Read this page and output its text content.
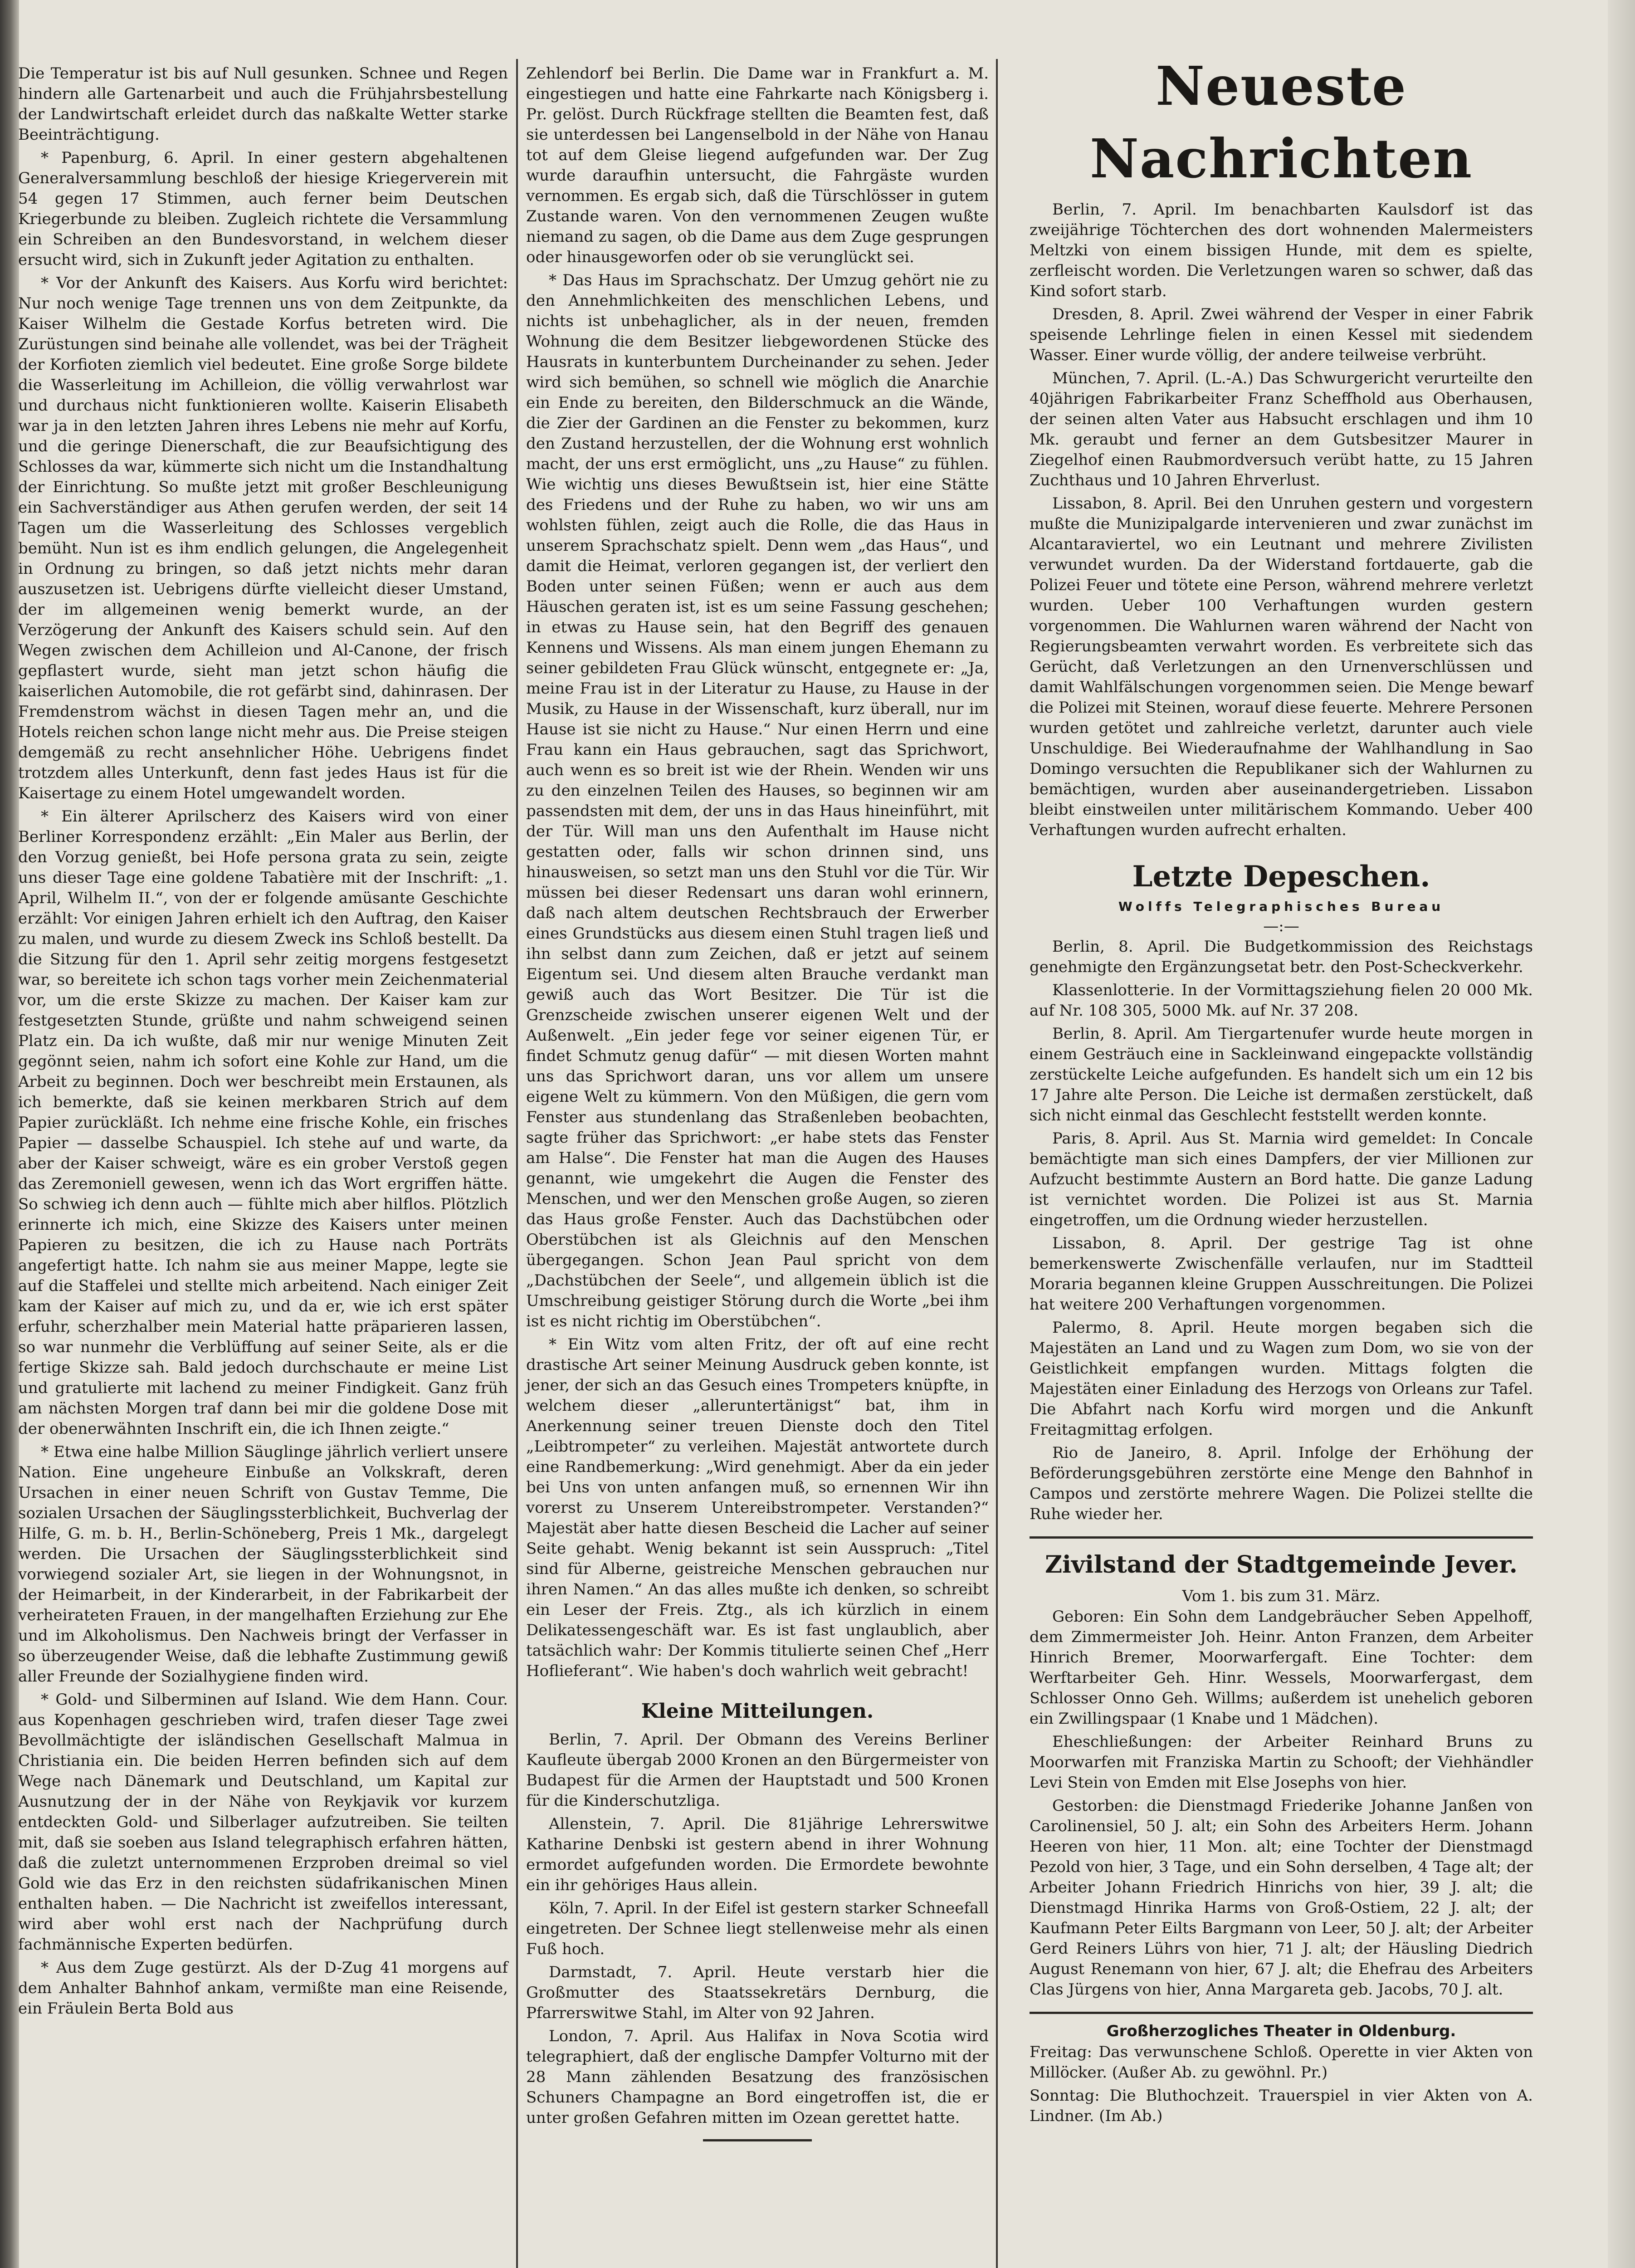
Die Temperatur ist bis auf Null gesunken. Schnee und Regen hindern alle Gartenarbeit und auch die Frühjahrsbestellung der Landwirtschaft erleidet durch das naßkalte Wetter starke Beeinträchtigung.

* Papenburg, 6. April. In einer gestern abgehaltenen Generalversammlung beschloß der hiesige Kriegerverein mit 54 gegen 17 Stimmen, auch ferner beim Deutschen Kriegerbunde zu bleiben. Zugleich richtete die Versammlung ein Schreiben an den Bundesvorstand, in welchem dieser ersucht wird, sich in Zukunft jeder Agitation zu enthalten.

* Vor der Ankunft des Kaisers. Aus Korfu wird berichtet: Nur noch wenige Tage trennen uns von dem Zeitpunkte, da Kaiser Wilhelm die Gestade Korfus betreten wird. Die Zurüstungen sind beinahe alle vollendet, was bei der Trägheit der Korfioten ziemlich viel bedeutet. Eine große Sorge bildete die Wasserleitung im Achilleion, die völlig verwahrlost war und durchaus nicht funktionieren wollte. Kaiserin Elisabeth war ja in den letzten Jahren ihres Lebens nie mehr auf Korfu, und die geringe Dienerschaft, die zur Beaufsichtigung des Schlosses da war, kümmerte sich nicht um die Instandhaltung der Einrichtung. So mußte jetzt mit großer Beschleunigung ein Sachverständiger aus Athen gerufen werden, der seit 14 Tagen um die Wasserleitung des Schlosses vergeblich bemüht. Nun ist es ihm endlich gelungen, die Angelegenheit in Ordnung zu bringen, so daß jetzt nichts mehr daran auszusetzen ist. Uebrigens dürfte vielleicht dieser Umstand, der im allgemeinen wenig bemerkt wurde, an der Verzögerung der Ankunft des Kaisers schuld sein. Auf den Wegen zwischen dem Achilleion und Al-Canone, der frisch gepflastert wurde, sieht man jetzt schon häufig die kaiserlichen Automobile, die rot gefärbt sind, dahinrasen. Der Fremdenstrom wächst in diesen Tagen mehr an, und die Hotels reichen schon lange nicht mehr aus. Die Preise steigen demgemäß zu recht ansehnlicher Höhe. Uebrigens findet trotzdem alles Unterkunft, denn fast jedes Haus ist für die Kaisertage zu einem Hotel umgewandelt worden.

* Ein älterer Aprilscherz des Kaisers wird von einer Berliner Korrespondenz erzählt: „Ein Maler aus Berlin, der den Vorzug genießt, bei Hofe persona grata zu sein, zeigte uns dieser Tage eine goldene Tabatière mit der Inschrift: „1. April, Wilhelm II.“, von der er folgende amüsante Geschichte erzählt: Vor einigen Jahren erhielt ich den Auftrag, den Kaiser zu malen, und wurde zu diesem Zweck ins Schloß bestellt. Da die Sitzung für den 1. April sehr zeitig morgens festgesetzt war, so bereitete ich schon tags vorher mein Zeichenmaterial vor, um die erste Skizze zu machen. Der Kaiser kam zur festgesetzten Stunde, grüßte und nahm schweigend seinen Platz ein. Da ich wußte, daß mir nur wenige Minuten Zeit gegönnt seien, nahm ich sofort eine Kohle zur Hand, um die Arbeit zu beginnen. Doch wer beschreibt mein Erstaunen, als ich bemerkte, daß sie keinen merkbaren Strich auf dem Papier zurückläßt. Ich nehme eine frische Kohle, ein frisches Papier — dasselbe Schauspiel. Ich stehe auf und warte, da aber der Kaiser schweigt, wäre es ein grober Verstoß gegen das Zeremoniell gewesen, wenn ich das Wort ergriffen hätte. So schwieg ich denn auch — fühlte mich aber hilflos. Plötzlich erinnerte ich mich, eine Skizze des Kaisers unter meinen Papieren zu besitzen, die ich zu Hause nach Porträts angefertigt hatte. Ich nahm sie aus meiner Mappe, legte sie auf die Staffelei und stellte mich arbeitend. Nach einiger Zeit kam der Kaiser auf mich zu, und da er, wie ich erst später erfuhr, scherzhalber mein Material hatte präparieren lassen, so war nunmehr die Verblüffung auf seiner Seite, als er die fertige Skizze sah. Bald jedoch durchschaute er meine List und gratulierte mit lachend zu meiner Findigkeit. Ganz früh am nächsten Morgen traf dann bei mir die goldene Dose mit der obenerwähnten Inschrift ein, die ich Ihnen zeigte.“

* Etwa eine halbe Million Säuglinge jährlich verliert unsere Nation. Eine ungeheure Einbuße an Volkskraft, deren Ursachen in einer neuen Schrift von Gustav Temme, Die sozialen Ursachen der Säuglingssterblichkeit, Buchverlag der Hilfe, G. m. b. H., Berlin-Schöneberg, Preis 1 Mk., dargelegt werden. Die Ursachen der Säuglingssterblichkeit sind vorwiegend sozialer Art, sie liegen in der Wohnungsnot, in der Heimarbeit, in der Kinderarbeit, in der Fabrikarbeit der verheirateten Frauen, in der mangelhaften Erziehung zur Ehe und im Alkoholismus. Den Nachweis bringt der Verfasser in so überzeugender Weise, daß die lebhafte Zustimmung gewiß aller Freunde der Sozialhygiene finden wird.

* Gold- und Silberminen auf Island. Wie dem Hann. Cour. aus Kopenhagen geschrieben wird, trafen dieser Tage zwei Bevollmächtigte der isländischen Gesellschaft Malmua in Christiania ein. Die beiden Herren befinden sich auf dem Wege nach Dänemark und Deutschland, um Kapital zur Ausnutzung der in der Nähe von Reykjavik vor kurzem entdeckten Gold- und Silberlager aufzutreiben. Sie teilten mit, daß sie soeben aus Island telegraphisch erfahren hätten, daß die zuletzt unternommenen Erzproben dreimal so viel Gold wie das Erz in den reichsten südafrikanischen Minen enthalten haben. — Die Nachricht ist zweifellos interessant, wird aber wohl erst nach der Nachprüfung durch fachmännische Experten bedürfen.

* Aus dem Zuge gestürzt. Als der D-Zug 41 morgens auf dem Anhalter Bahnhof ankam, vermißte man eine Reisende, ein Fräulein Berta Bold aus

Zehlendorf bei Berlin. Die Dame war in Frankfurt a. M. eingestiegen und hatte eine Fahrkarte nach Königsberg i. Pr. gelöst. Durch Rückfrage stellten die Beamten fest, daß sie unterdessen bei Langenselbold in der Nähe von Hanau tot auf dem Gleise liegend aufgefunden war. Der Zug wurde daraufhin untersucht, die Fahrgäste wurden vernommen. Es ergab sich, daß die Türschlösser in gutem Zustande waren. Von den vernommenen Zeugen wußte niemand zu sagen, ob die Dame aus dem Zuge gesprungen oder hinausgeworfen oder ob sie verunglückt sei.

* Das Haus im Sprachschatz. Der Umzug gehört nie zu den Annehmlichkeiten des menschlichen Lebens, und nichts ist unbehaglicher, als in der neuen, fremden Wohnung die dem Besitzer liebgewordenen Stücke des Hausrats in kunterbuntem Durcheinander zu sehen. Jeder wird sich bemühen, so schnell wie möglich die Anarchie ein Ende zu bereiten, den Bilderschmuck an die Wände, die Zier der Gardinen an die Fenster zu bekommen, kurz den Zustand herzustellen, der die Wohnung erst wohnlich macht, der uns erst ermöglicht, uns „zu Hause“ zu fühlen. Wie wichtig uns dieses Bewußtsein ist, hier eine Stätte des Friedens und der Ruhe zu haben, wo wir uns am wohlsten fühlen, zeigt auch die Rolle, die das Haus in unserem Sprachschatz spielt. Denn wem „das Haus“, und damit die Heimat, verloren gegangen ist, der verliert den Boden unter seinen Füßen; wenn er auch aus dem Häuschen geraten ist, ist es um seine Fassung geschehen; in etwas zu Hause sein, hat den Begriff des genauen Kennens und Wissens. Als man einem jungen Ehemann zu seiner gebildeten Frau Glück wünscht, entgegnete er: „Ja, meine Frau ist in der Literatur zu Hause, zu Hause in der Musik, zu Hause in der Wissenschaft, kurz überall, nur im Hause ist sie nicht zu Hause.“ Nur einen Herrn und eine Frau kann ein Haus gebrauchen, sagt das Sprichwort, auch wenn es so breit ist wie der Rhein. Wenden wir uns zu den einzelnen Teilen des Hauses, so beginnen wir am passendsten mit dem, der uns in das Haus hineinführt, mit der Tür. Will man uns den Aufenthalt im Hause nicht gestatten oder, falls wir schon drinnen sind, uns hinausweisen, so setzt man uns den Stuhl vor die Tür. Wir müssen bei dieser Redensart uns daran wohl erinnern, daß nach altem deutschen Rechtsbrauch der Erwerber eines Grundstücks aus diesem einen Stuhl tragen ließ und ihn selbst dann zum Zeichen, daß er jetzt auf seinem Eigentum sei. Und diesem alten Brauche verdankt man gewiß auch das Wort Besitzer. Die Tür ist die Grenzscheide zwischen unserer eigenen Welt und der Außenwelt. „Ein jeder fege vor seiner eigenen Tür, er findet Schmutz genug dafür“ — mit diesen Worten mahnt uns das Sprichwort daran, uns vor allem um unsere eigene Welt zu kümmern. Von den Müßigen, die gern vom Fenster aus stundenlang das Straßenleben beobachten, sagte früher das Sprichwort: „er habe stets das Fenster am Halse“. Die Fenster hat man die Augen des Hauses genannt, wie umgekehrt die Augen die Fenster des Menschen, und wer den Menschen große Augen, so zieren das Haus große Fenster. Auch das Dachstübchen oder Oberstübchen ist als Gleichnis auf den Menschen übergegangen. Schon Jean Paul spricht von dem „Dachstübchen der Seele“, und allgemein üblich ist die Umschreibung geistiger Störung durch die Worte „bei ihm ist es nicht richtig im Oberstübchen“.

* Ein Witz vom alten Fritz, der oft auf eine recht drastische Art seiner Meinung Ausdruck geben konnte, ist jener, der sich an das Gesuch eines Trompeters knüpfte, in welchem dieser „alleruntertänigst“ bat, ihm in Anerkennung seiner treuen Dienste doch den Titel „Leibtrompeter“ zu verleihen. Majestät antwortete durch eine Randbemerkung: „Wird genehmigt. Aber da ein jeder bei Uns von unten anfangen muß, so ernennen Wir ihn vorerst zu Unserem Untereibstrompeter. Verstanden?“ Majestät aber hatte diesen Bescheid die Lacher auf seiner Seite gehabt. Wenig bekannt ist sein Ausspruch: „Titel sind für Alberne, geistreiche Menschen gebrauchen nur ihren Namen.“ An das alles mußte ich denken, so schreibt ein Leser der Freis. Ztg., als ich kürzlich in einem Delikatessengeschäft war. Es ist fast unglaublich, aber tatsächlich wahr: Der Kommis titulierte seinen Chef „Herr Hoflieferant“. Wie haben's doch wahrlich weit gebracht!

Kleine Mitteilungen.

Berlin, 7. April. Der Obmann des Vereins Berliner Kaufleute übergab 2000 Kronen an den Bürgermeister von Budapest für die Armen der Hauptstadt und 500 Kronen für die Kinderschutzliga.

Allenstein, 7. April. Die 81jährige Lehrerswitwe Katharine Denbski ist gestern abend in ihrer Wohnung ermordet aufgefunden worden. Die Ermordete bewohnte ein ihr gehöriges Haus allein.

Köln, 7. April. In der Eifel ist gestern starker Schneefall eingetreten. Der Schnee liegt stellenweise mehr als einen Fuß hoch.

Darmstadt, 7. April. Heute verstarb hier die Großmutter des Staatssekretärs Dernburg, die Pfarrerswitwe Stahl, im Alter von 92 Jahren.

London, 7. April. Aus Halifax in Nova Scotia wird telegraphiert, daß der englische Dampfer Volturno mit der 28 Mann zählenden Besatzung des französischen Schuners Champagne an Bord eingetroffen ist, die er unter großen Gefahren mitten im Ozean gerettet hatte.

Neueste Nachrichten

Berlin, 7. April. Im benachbarten Kaulsdorf ist das zweijährige Töchterchen des dort wohnenden Malermeisters Meltzki von einem bissigen Hunde, mit dem es spielte, zerfleischt worden. Die Verletzungen waren so schwer, daß das Kind sofort starb.

Dresden, 8. April. Zwei während der Vesper in einer Fabrik speisende Lehrlinge fielen in einen Kessel mit siedendem Wasser. Einer wurde völlig, der andere teilweise verbrüht.

München, 7. April. (L.-A.) Das Schwurgericht verurteilte den 40jährigen Fabrikarbeiter Franz Scheffhold aus Oberhausen, der seinen alten Vater aus Habsucht erschlagen und ihm 10 Mk. geraubt und ferner an dem Gutsbesitzer Maurer in Ziegelhof einen Raubmordversuch verübt hatte, zu 15 Jahren Zuchthaus und 10 Jahren Ehrverlust.

Lissabon, 8. April. Bei den Unruhen gestern und vorgestern mußte die Munizipalgarde intervenieren und zwar zunächst im Alcantaraviertel, wo ein Leutnant und mehrere Zivilisten verwundet wurden. Da der Widerstand fortdauerte, gab die Polizei Feuer und tötete eine Person, während mehrere verletzt wurden. Ueber 100 Verhaftungen wurden gestern vorgenommen. Die Wahlurnen waren während der Nacht von Regierungsbeamten verwahrt worden. Es verbreitete sich das Gerücht, daß Verletzungen an den Urnenverschlüssen und damit Wahlfälschungen vorgenommen seien. Die Menge bewarf die Polizei mit Steinen, worauf diese feuerte. Mehrere Personen wurden getötet und zahlreiche verletzt, darunter auch viele Unschuldige. Bei Wiederaufnahme der Wahlhandlung in Sao Domingo versuchten die Republikaner sich der Wahlurnen zu bemächtigen, wurden aber auseinandergetrieben. Lissabon bleibt einstweilen unter militärischem Kommando. Ueber 400 Verhaftungen wurden aufrecht erhalten.

Letzte Depeschen.
Wolffs Telegraphisches Bureau
—:—

Berlin, 8. April. Die Budgetkommission des Reichstags genehmigte den Ergänzungsetat betr. den Post-Scheckverkehr.

Klassenlotterie. In der Vormittagsziehung fielen 20 000 Mk. auf Nr. 108 305, 5000 Mk. auf Nr. 37 208.

Berlin, 8. April. Am Tiergartenufer wurde heute morgen in einem Gesträuch eine in Sackleinwand eingepackte vollständig zerstückelte Leiche aufgefunden. Es handelt sich um ein 12 bis 17 Jahre alte Person. Die Leiche ist dermaßen zerstückelt, daß sich nicht einmal das Geschlecht feststellt werden konnte.

Paris, 8. April. Aus St. Marnia wird gemeldet: In Concale bemächtigte man sich eines Dampfers, der vier Millionen zur Aufzucht bestimmte Austern an Bord hatte. Die ganze Ladung ist vernichtet worden. Die Polizei ist aus St. Marnia eingetroffen, um die Ordnung wieder herzustellen.

Lissabon, 8. April. Der gestrige Tag ist ohne bemerkenswerte Zwischenfälle verlaufen, nur im Stadtteil Moraria begannen kleine Gruppen Ausschreitungen. Die Polizei hat weitere 200 Verhaftungen vorgenommen.

Palermo, 8. April. Heute morgen begaben sich die Majestäten an Land und zu Wagen zum Dom, wo sie von der Geistlichkeit empfangen wurden. Mittags folgten die Majestäten einer Einladung des Herzogs von Orleans zur Tafel. Die Abfahrt nach Korfu wird morgen und die Ankunft Freitagmittag erfolgen.

Rio de Janeiro, 8. April. Infolge der Erhöhung der Beförderungsgebühren zerstörte eine Menge den Bahnhof in Campos und zerstörte mehrere Wagen. Die Polizei stellte die Ruhe wieder her.

Zivilstand der Stadtgemeinde Jever.
Vom 1. bis zum 31. März.

Geboren: Ein Sohn dem Landgebräucher Seben Appelhoff, dem Zimmermeister Joh. Heinr. Anton Franzen, dem Arbeiter Hinrich Bremer, Moorwarfergaft. Eine Tochter: dem Werftarbeiter Geh. Hinr. Wessels, Moorwarfergast, dem Schlosser Onno Geh. Willms; außerdem ist unehelich geboren ein Zwillingspaar (1 Knabe und 1 Mädchen).

Eheschließungen: der Arbeiter Reinhard Bruns zu Moorwarfen mit Franziska Martin zu Schooft; der Viehhändler Levi Stein von Emden mit Else Josephs von hier.

Gestorben: die Dienstmagd Friederike Johanne Janßen von Carolinensiel, 50 J. alt; ein Sohn des Arbeiters Herm. Johann Heeren von hier, 11 Mon. alt; eine Tochter der Dienstmagd Pezold von hier, 3 Tage, und ein Sohn derselben, 4 Tage alt; der Arbeiter Johann Friedrich Hinrichs von hier, 39 J. alt; die Dienstmagd Hinrika Harms von Groß-Ostiem, 22 J. alt; der Kaufmann Peter Eilts Bargmann von Leer, 50 J. alt; der Arbeiter Gerd Reiners Lührs von hier, 71 J. alt; der Häusling Diedrich August Renemann von hier, 67 J. alt; die Ehefrau des Arbeiters Clas Jürgens von hier, Anna Margareta geb. Jacobs, 70 J. alt.

Großherzogliches Theater in Oldenburg.

Freitag: Das verwunschene Schloß. Operette in vier Akten von Millöcker. (Außer Ab. zu gewöhnl. Pr.)

Sonntag: Die Bluthochzeit. Trauerspiel in vier Akten von A. Lindner. (Im Ab.)
